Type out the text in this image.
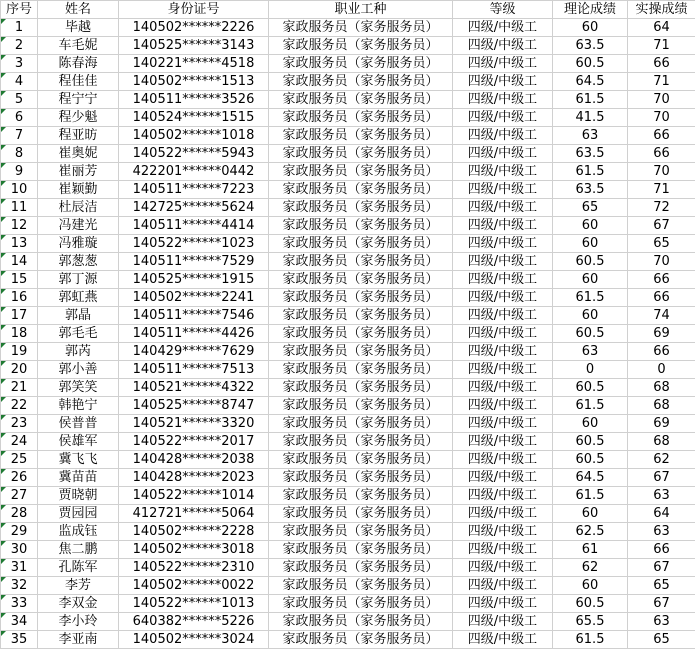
序号	姓名	身份证号	职业工种	等级	理论成绩	实操成绩

1	毕越	140502******2226	家政服务员（家务服务员）	四级/中级工	60	64

2	车毛妮	140525******3143	家政服务员（家务服务员）	四级/中级工	63.5	71

3	陈春海	140221******4518	家政服务员（家务服务员）	四级/中级工	60.5	66

4	程佳佳	140502******1513	家政服务员（家务服务员）	四级/中级工	64.5	71

5	程宁宁	140511******3526	家政服务员（家务服务员）	四级/中级工	61.5	70

6	程少魁	140524******1515	家政服务员（家务服务员）	四级/中级工	41.5	70

7	程亚昉	140502******1018	家政服务员（家务服务员）	四级/中级工	63	66

8	崔奥妮	140522******5943	家政服务员（家务服务员）	四级/中级工	63.5	66

9	崔丽芳	422201******0442	家政服务员（家务服务员）	四级/中级工	61.5	70

10	崔颖勤	140511******7223	家政服务员（家务服务员）	四级/中级工	63.5	71

11	杜辰洁	142725******5624	家政服务员（家务服务员）	四级/中级工	65	72

12	冯建光	140511******4414	家政服务员（家务服务员）	四级/中级工	60	67

13	冯雅璇	140522******1023	家政服务员（家务服务员）	四级/中级工	60	65

14	郭葱葱	140511******7529	家政服务员（家务服务员）	四级/中级工	60.5	70

15	郭丁源	140525******1915	家政服务员（家务服务员）	四级/中级工	60	66

16	郭虹燕	140502******2241	家政服务员（家务服务员）	四级/中级工	61.5	66

17	郭晶	140511******7546	家政服务员（家务服务员）	四级/中级工	60	74

18	郭毛毛	140511******4426	家政服务员（家务服务员）	四级/中级工	60.5	69

19	郭芮	140429******7629	家政服务员（家务服务员）	四级/中级工	63	66

20	郭小善	140511******7513	家政服务员（家务服务员）	四级/中级工	0	0

21	郭笑笑	140521******4322	家政服务员（家务服务员）	四级/中级工	60.5	68

22	韩艳宁	140525******8747	家政服务员（家务服务员）	四级/中级工	61.5	68

23	侯普普	140521******3320	家政服务员（家务服务员）	四级/中级工	60	69

24	侯雄军	140522******2017	家政服务员（家务服务员）	四级/中级工	60.5	68

25	冀飞飞	140428******2038	家政服务员（家务服务员）	四级/中级工	60.5	62

26	冀苗苗	140428******2023	家政服务员（家务服务员）	四级/中级工	64.5	67

27	贾晓朝	140522******1014	家政服务员（家务服务员）	四级/中级工	61.5	63

28	贾园园	412721******5064	家政服务员（家务服务员）	四级/中级工	60	64

29	监成钰	140502******2228	家政服务员（家务服务员）	四级/中级工	62.5	63

30	焦二鹏	140502******3018	家政服务员（家务服务员）	四级/中级工	61	66

31	孔陈军	140522******2310	家政服务员（家务服务员）	四级/中级工	62	67

32	李芳	140502******0022	家政服务员（家务服务员）	四级/中级工	60	65

33	李双金	140522******1013	家政服务员（家务服务员）	四级/中级工	60.5	67

34	李小玲	640382******5226	家政服务员（家务服务员）	四级/中级工	65.5	63

35	李亚南	140502******3024	家政服务员（家务服务员）	四级/中级工	61.5	65
